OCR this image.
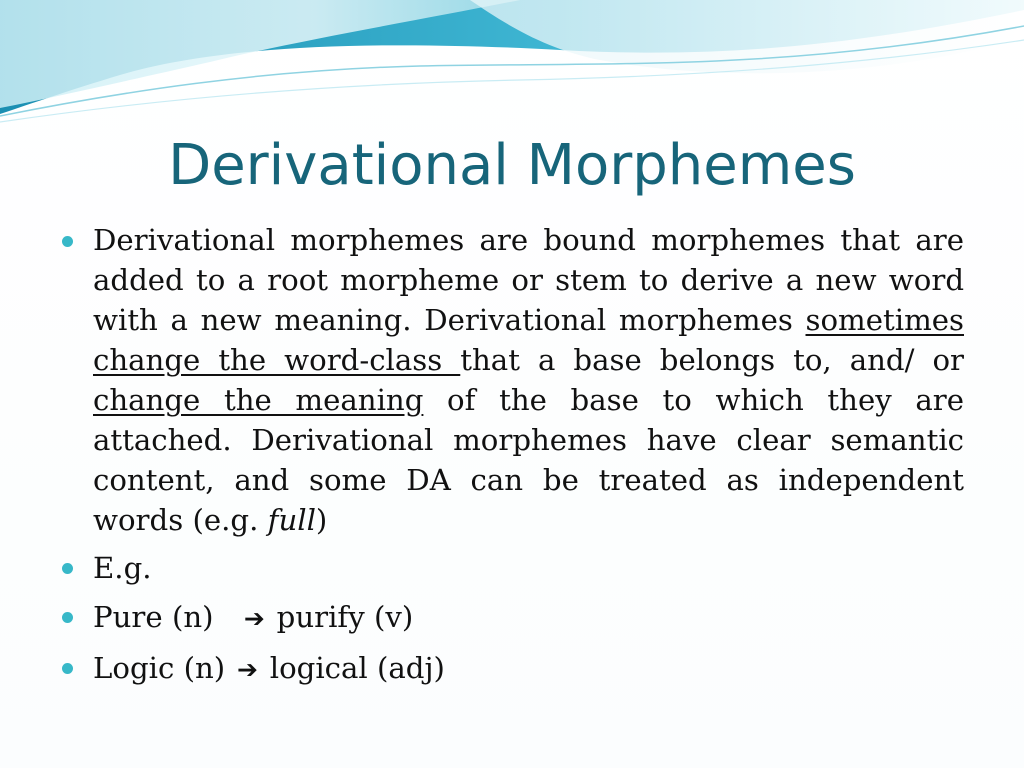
Derivational Morphemes
Derivational morphemes are bound morphemes that are added to a root morpheme or stem to derive a new word with a new meaning. Derivational morphemes sometimes change the word-class that a base belongs to, and/ or change the meaning of the base to which they are attached. Derivational morphemes have clear semantic content, and some DA can be treated as independent words (e.g. full)
E.g.
Pure (n) ➔ purify (v)
Logic (n) ➔ logical (adj)
